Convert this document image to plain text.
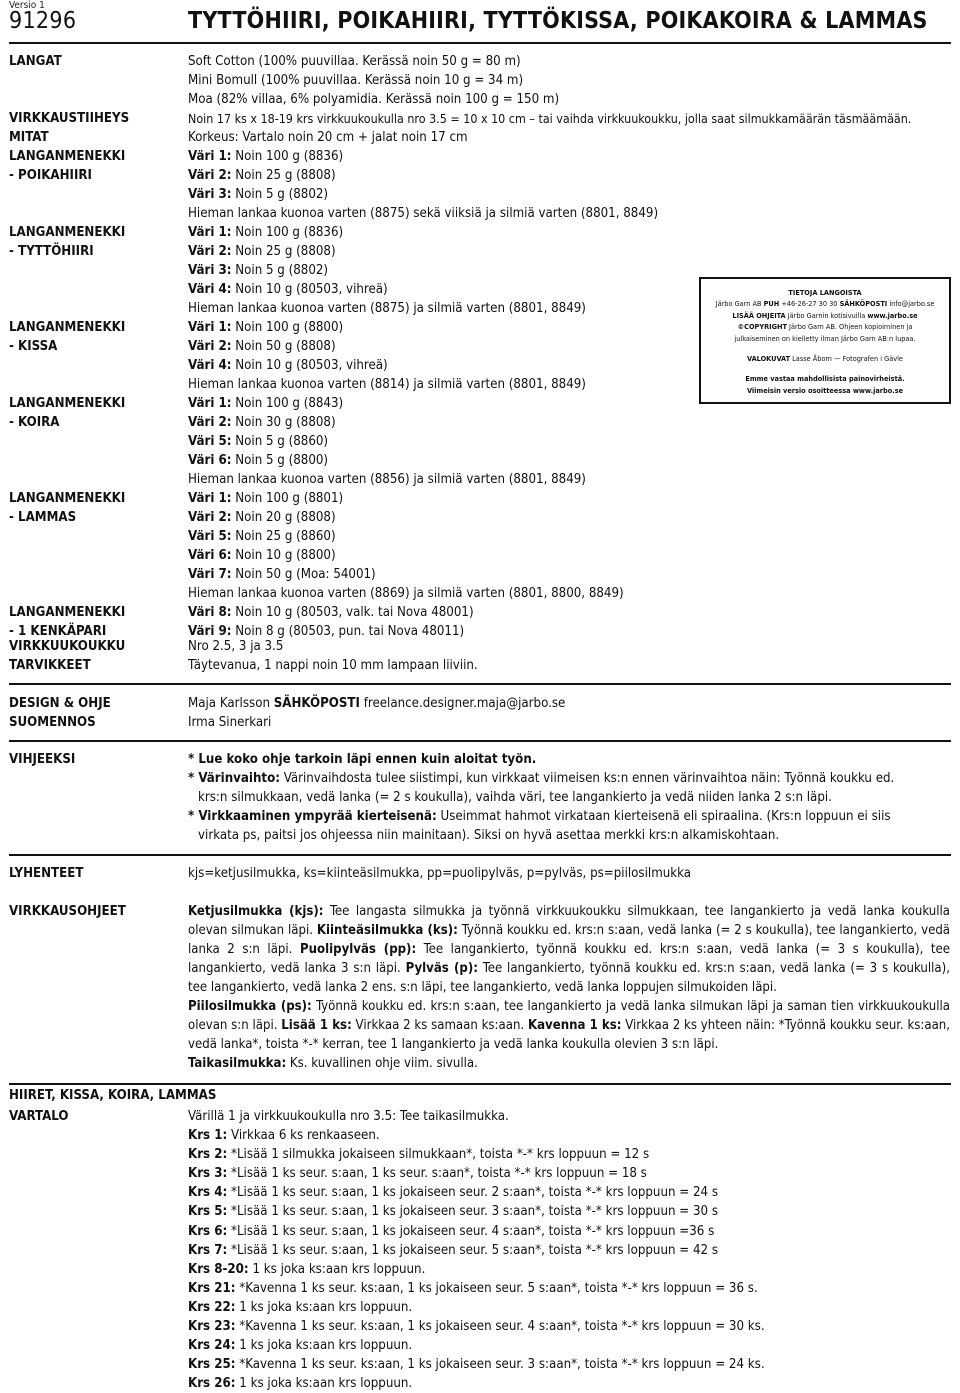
Versio 1
91296	TYTTÖHIIRI, POIKAHIIRI, TYTTÖKISSA, POIKAKOIRA & LAMMAS
LANGAT	Soft Cotton (100% puuvillaa. Kerässä noin 50 g = 80 m)
Mini Bomull (100% puuvillaa. Kerässä noin 10 g = 34 m)
Moa (82% villaa, 6% polyamidia. Kerässä noin 100 g = 150 m)
VIRKKAUSTIIHEYS	Noin 17 ks x 18-19 krs virkkuukoukulla nro 3.5 = 10 x 10 cm – tai vaihda virkkuukoukku, jolla saat silmukkamäärän täsmäämään.
MITAT	Korkeus: Vartalo noin 20 cm + jalat noin 17 cm
LANGANMENEKKI	Väri 1: Noin 100 g (8836)
- POIKAHIIRI	Väri 2: Noin 25 g (8808)
Väri 3: Noin 5 g (8802)
Hieman lankaa kuonoa varten (8875) sekä viiksiä ja silmiä varten (8801, 8849)
LANGANMENEKKI	Väri 1: Noin 100 g (8836)
- TYTTÖHIIRI	Väri 2: Noin 25 g (8808)
Väri 3: Noin 5 g (8802)
Väri 4: Noin 10 g (80503, vihreä)
Hieman lankaa kuonoa varten (8875) ja silmiä varten (8801, 8849)
LANGANMENEKKI	Väri 1: Noin 100 g (8800)
- KISSA	Väri 2: Noin 50 g (8808)
Väri 4: Noin 10 g (80503, vihreä)
Hieman lankaa kuonoa varten (8814) ja silmiä varten (8801, 8849)
LANGANMENEKKI	Väri 1: Noin 100 g (8843)
- KOIRA	Väri 2: Noin 30 g (8808)
Väri 5: Noin 5 g (8860)
Väri 6: Noin 5 g (8800)
Hieman lankaa kuonoa varten (8856) ja silmiä varten (8801, 8849)
LANGANMENEKKI	Väri 1: Noin 100 g (8801)
- LAMMAS	Väri 2: Noin 20 g (8808)
Väri 5: Noin 25 g (8860)
Väri 6: Noin 10 g (8800)
Väri 7: Noin 50 g (Moa: 54001)
Hieman lankaa kuonoa varten (8869) ja silmiä varten (8801, 8800, 8849)
LANGANMENEKKI	Väri 8: Noin 10 g (80503, valk. tai Nova 48001)
- 1 KENKÄPARI	Väri 9: Noin 8 g (80503, pun. tai Nova 48011)
TIETOJA LANGOISTA
Järbo Garn AB PUH +46-26-27 30 30 SÄHKÖPOSTI info@jarbo.se
LISÄÄ OHJEITA Järbo Garnin kotisivuilla www.jarbo.se
©COPYRIGHT Järbo Garn AB. Ohjeen kopioiminen ja
julkaiseminen on kielletty ilman Järbo Garn AB:n lupaa.
VALOKUVAT Lasse Åbom — Fotografen i Gävle
Emme vastaa mahdollisista painovirheistä.
Viimeisin versio osoitteessa www.jarbo.se
VIRKKUUKOUKKU	Nro 2.5, 3 ja 3.5
TARVIKKEET	Täytevanua, 1 nappi noin 10 mm lampaan liiviin.
DESIGN & OHJE	Maja Karlsson SÄHKÖPOSTI freelance.designer.maja@jarbo.se
SUOMENNOS	Irma Sinerkari
VIHJEEKSI	* Lue koko ohje tarkoin läpi ennen kuin aloitat työn.
* Värinvaihto: Värinvaihdosta tulee siistimpi, kun virkkaat viimeisen ks:n ennen värinvaihtoa näin: Työnnä koukku ed.
krs:n silmukkaan, vedä lanka (= 2 s koukulla), vaihda väri, tee langankierto ja vedä niiden lanka 2 s:n läpi.
* Virkkaaminen ympyrää kierteisenä: Useimmat hahmot virkataan kierteisenä eli spiraalina. (Krs:n loppuun ei siis
virkata ps, paitsi jos ohjeessa niin mainitaan). Siksi on hyvä asettaa merkki krs:n alkamiskohtaan.
LYHENTEET	kjs=ketjusilmukka, ks=kiinteäsilmukka, pp=puolipylväs, p=pylväs, ps=piilosilmukka
VIRKKAUSOHJEET	Ketjusilmukka (kjs): Tee langasta silmukka ja työnnä virkkuukoukku silmukkaan, tee langankierto ja vedä lanka koukulla olevan silmukan läpi. Kiinteäsilmukka (ks): Työnnä koukku ed. krs:n s:aan, vedä lanka (= 2 s koukulla), tee langankierto, vedä lanka 2 s:n läpi. Puolipylväs (pp): Tee langankierto, työnnä koukku ed. krs:n s:aan, vedä lanka (= 3 s koukulla), tee langankierto, vedä lanka 3 s:n läpi. Pylväs (p): Tee langankierto, työnnä koukku ed. krs:n s:aan, vedä lanka (= 3 s koukulla), tee langankierto, vedä lanka 2 ens. s:n läpi, tee langankierto, vedä lanka loppujen silmukoiden läpi.
Piilosilmukka (ps): Työnnä koukku ed. krs:n s:aan, tee langankierto ja vedä lanka silmukan läpi ja saman tien virkkuukoukulla olevan s:n läpi. Lisää 1 ks: Virkkaa 2 ks samaan ks:aan. Kavenna 1 ks: Virkkaa 2 ks yhteen näin: *Työnnä koukku seur. ks:aan, vedä lanka*, toista *-* kerran, tee 1 langankierto ja vedä lanka koukulla olevien 3 s:n läpi.
Taikasilmukka: Ks. kuvallinen ohje viim. sivulla.
HIIRET, KISSA, KOIRA, LAMMAS
VARTALO	Värillä 1 ja virkkuukoukulla nro 3.5: Tee taikasilmukka.
Krs 1: Virkkaa 6 ks renkaaseen.
Krs 2: *Lisää 1 silmukka jokaiseen silmukkaan*, toista *-* krs loppuun = 12 s
Krs 3: *Lisää 1 ks seur. s:aan, 1 ks seur. s:aan*, toista *-* krs loppuun = 18 s
Krs 4: *Lisää 1 ks seur. s:aan, 1 ks jokaiseen seur. 2 s:aan*, toista *-* krs loppuun = 24 s
Krs 5: *Lisää 1 ks seur. s:aan, 1 ks jokaiseen seur. 3 s:aan*, toista *-* krs loppuun = 30 s
Krs 6: *Lisää 1 ks seur. s:aan, 1 ks jokaiseen seur. 4 s:aan*, toista *-* krs loppuun =36 s
Krs 7: *Lisää 1 ks seur. s:aan, 1 ks jokaiseen seur. 5 s:aan*, toista *-* krs loppuun = 42 s
Krs 8-20: 1 ks joka ks:aan krs loppuun.
Krs 21: *Kavenna 1 ks seur. ks:aan, 1 ks jokaiseen seur. 5 s:aan*, toista *-* krs loppuun = 36 s.
Krs 22: 1 ks joka ks:aan krs loppuun.
Krs 23: *Kavenna 1 ks seur. ks:aan, 1 ks jokaiseen seur. 4 s:aan*, toista *-* krs loppuun = 30 ks.
Krs 24: 1 ks joka ks:aan krs loppuun.
Krs 25: *Kavenna 1 ks seur. ks:aan, 1 ks jokaiseen seur. 3 s:aan*, toista *-* krs loppuun = 24 ks.
Krs 26: 1 ks joka ks:aan krs loppuun.
